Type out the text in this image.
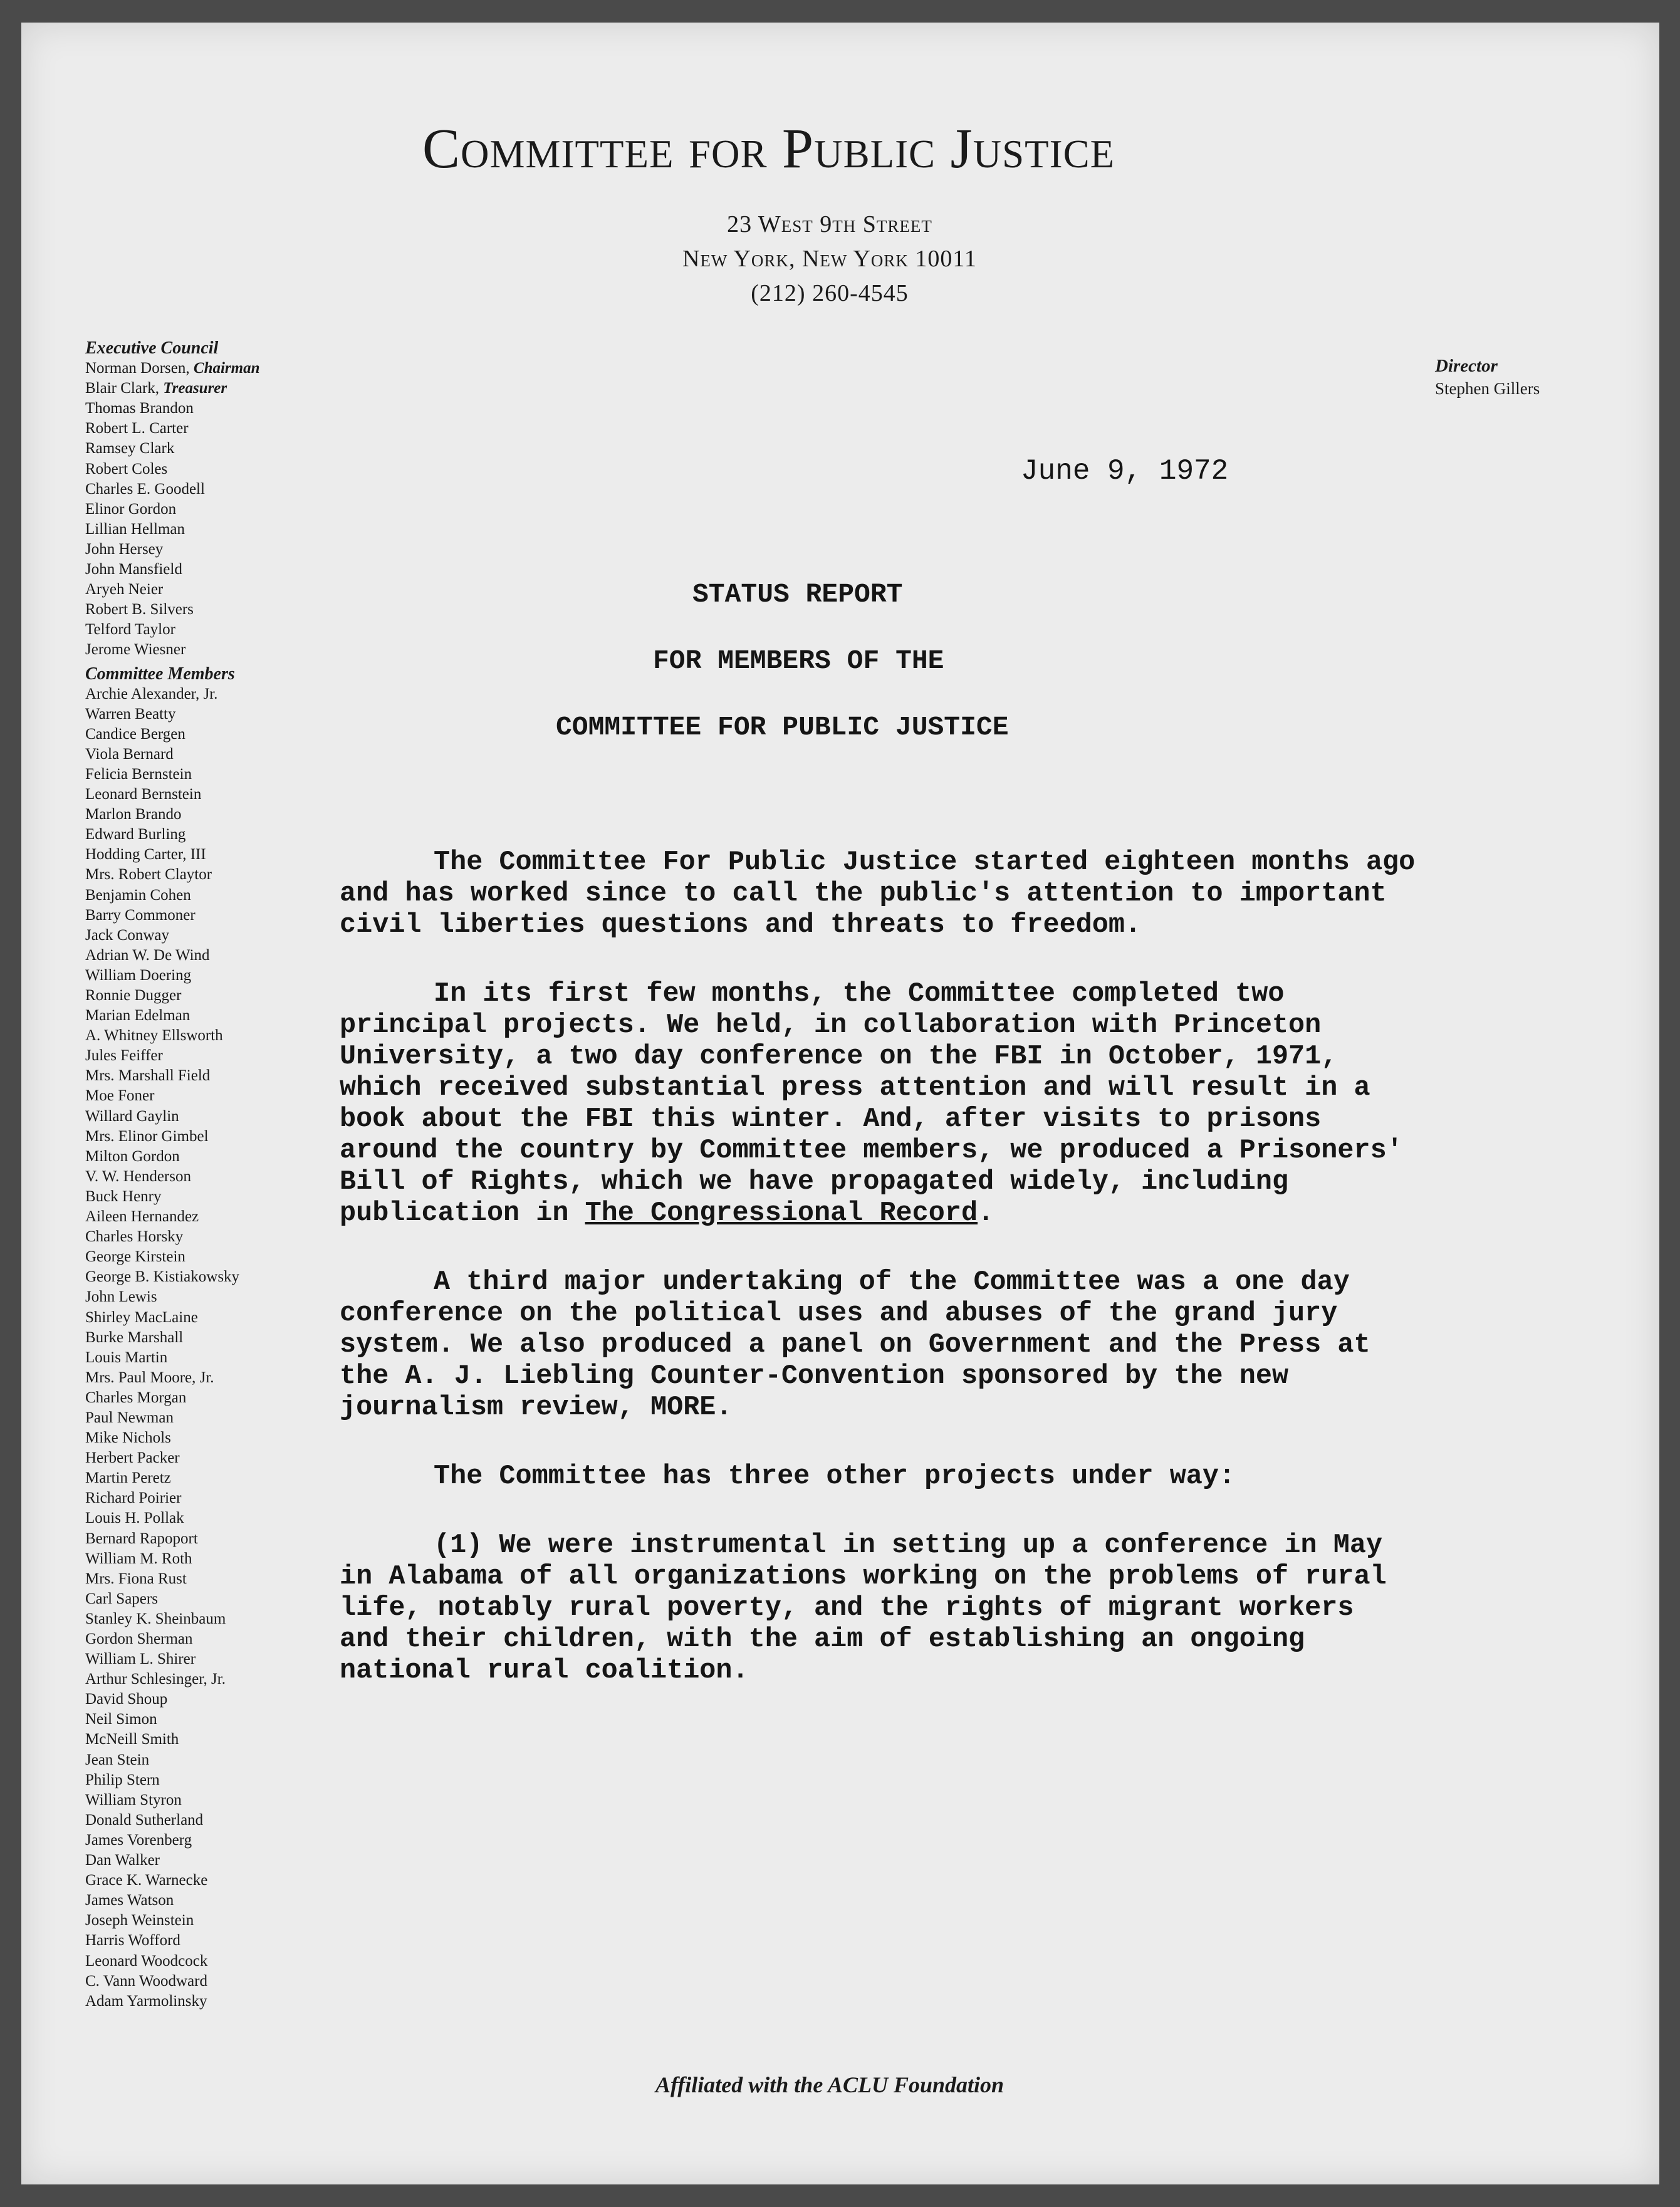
Committee for Public Justice
23 West 9th Street
New York, New York 10011
(212) 260-4545
Executive Council
Norman Dorsen, Chairman
Blair Clark, Treasurer
Thomas Brandon
Robert L. Carter
Ramsey Clark
Robert Coles
Charles E. Goodell
Elinor Gordon
Lillian Hellman
John Hersey
John Mansfield
Aryeh Neier
Robert B. Silvers
Telford Taylor
Jerome Wiesner
Committee Members
Archie Alexander, Jr.
Warren Beatty
Candice Bergen
Viola Bernard
Felicia Bernstein
Leonard Bernstein
Marlon Brando
Edward Burling
Hodding Carter, III
Mrs. Robert Claytor
Benjamin Cohen
Barry Commoner
Jack Conway
Adrian W. De Wind
William Doering
Ronnie Dugger
Marian Edelman
A. Whitney Ellsworth
Jules Feiffer
Mrs. Marshall Field
Moe Foner
Willard Gaylin
Mrs. Elinor Gimbel
Milton Gordon
V. W. Henderson
Buck Henry
Aileen Hernandez
Charles Horsky
George Kirstein
George B. Kistiakowsky
John Lewis
Shirley MacLaine
Burke Marshall
Louis Martin
Mrs. Paul Moore, Jr.
Charles Morgan
Paul Newman
Mike Nichols
Herbert Packer
Martin Peretz
Richard Poirier
Louis H. Pollak
Bernard Rapoport
William M. Roth
Mrs. Fiona Rust
Carl Sapers
Stanley K. Sheinbaum
Gordon Sherman
William L. Shirer
Arthur Schlesinger, Jr.
David Shoup
Neil Simon
McNeill Smith
Jean Stein
Philip Stern
William Styron
Donald Sutherland
James Vorenberg
Dan Walker
Grace K. Warnecke
James Watson
Joseph Weinstein
Harris Wofford
Leonard Woodcock
C. Vann Woodward
Adam Yarmolinsky
Director
Stephen Gillers
June 9, 1972
STATUS REPORT
FOR MEMBERS OF THE
COMMITTEE FOR PUBLIC JUSTICE

The Committee For Public Justice started eighteen months ago and has worked since to call the public's attention to important civil liberties questions and threats to freedom.

In its first few months, the Committee completed two principal projects. We held, in collaboration with Princeton University, a two day conference on the FBI in October, 1971, which received substantial press attention and will result in a book about the FBI this winter. And, after visits to prisons around the country by Committee members, we produced a Prisoners' Bill of Rights, which we have propagated widely, including publication in The Congressional Record.

A third major undertaking of the Committee was a one day conference on the political uses and abuses of the grand jury system. We also produced a panel on Government and the Press at the A. J. Liebling Counter-Convention sponsored by the new journalism review, MORE.

The Committee has three other projects under way:

(1) We were instrumental in setting up a conference in May in Alabama of all organizations working on the problems of rural life, notably rural poverty, and the rights of migrant workers and their children, with the aim of establishing an ongoing national rural coalition.

Affiliated with the ACLU Foundation
